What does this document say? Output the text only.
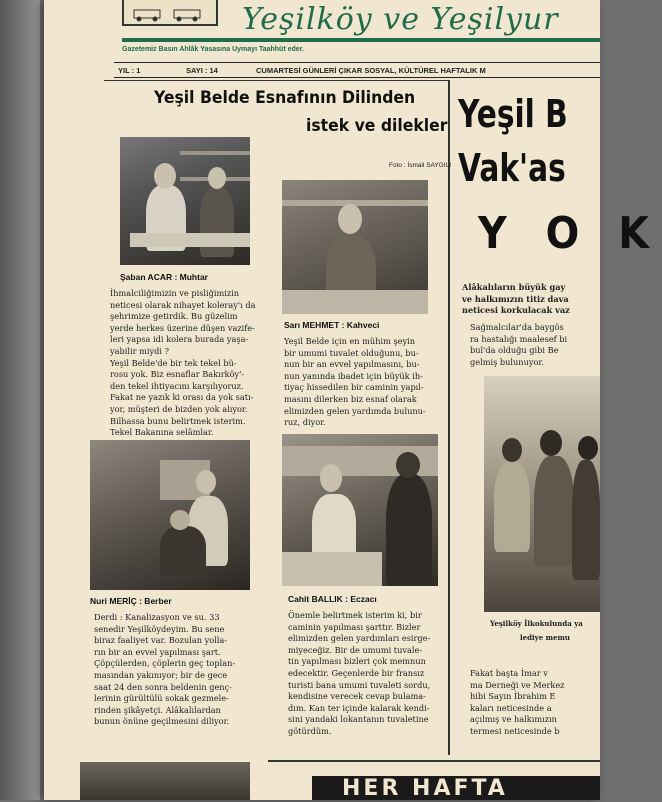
Yeşilköy ve Yeşilyur
Gazetemiz Basın Ahlâk Yasasına Uymayı Taahhüt eder.
YIL : 1	SAYI : 14	CUMARTESİ GÜNLERİ ÇIKAR SOSYAL, KÜLTÜREL HAFTALIK M
Yeşil Belde Esnafının Dilinden
istek ve dilekler
Foto : İsmail SAYGILI
Şaban ACAR : Muhtar
İhmalciliğimizin ve pisliğimizin
neticesi olarak nihayet koleray'ı da
şehrimize getirdik. Bu güzelim
yerde herkes üzerine düşen vazife-
leri yapsa idi kolera burada yaşa-
yabilir miydi ?
Yeşil Belde'de bir tek tekel bü-
rosu yok. Biz esnaflar Bakırköy'-
den tekel ihtiyacını karşılıyoruz.
Fakat ne yazık ki orası da yok satı-
yor, müşteri de bizden yok alıyor.
Bilhassa bunu belirtmek isterim.
Tekel Bakanına selâmlar.
Sarı MEHMET : Kahveci
Yeşil Belde için en mühim şeyin
bir umumi tuvalet olduğunu, bu-
nun bir an evvel yapılmasını, bu-
nun yanında ibadet için büyük ih-
tiyaç hissedilen bir caminin yapıl-
masını dilerken biz esnaf olarak
elimizden gelen yardımda bulunu-
ruz, diyor.
Nuri MERİÇ : Berber
Derdi : Kanalizasyon ve su. 33
senedir Yeşilköydeyim. Bu sene
biraz faaliyet var. Bozulan yolla-
rın bir an evvel yapılması şart.
Çöpçülerden, çöplerin geç toplan-
masından yakınıyor; bir de gece
saat 24 den sonra beldenin genç-
lerinin gürültülü sokak gezmele-
rinden şikâyetçi. Alâkalılardan
bunun önüne geçilmesini diliyor.
Cahit BALLIK : Eczacı
Önemle belirtmek isterim ki, bir
caminin yapılması şarttır. Bizler
elimizden gelen yardımları esirge-
miyeceğiz. Bir de umumi tuvale-
tin yapılması bizleri çok memnun
edecektir. Geçenlerde bir fransız
turisti bana umumi tuvaleti sordu,
kendisine verecek cevap bulama-
dım. Kan ter içinde kalarak kendi-
sini yandaki lokantanın tuvaletine
götürdüm.
Yeşil B
Vak'as
Y O K
Alâkalıların büyük gay
ve halkımızın titiz dava
neticesi korkulacak vaz
Sağmalcılar'da baygös
ra hastalığı maalesef bi
bul'da olduğu gibi Be
gelmiş bulunuyor.
Yeşilköy İlkokulunda ya
lediye memu
Fakat başta İmar v
ma Derneği ve Merkez
hibi Sayın İbrahim E
kaları neticesinde a
açılmış ve halkımızın
termesi neticesinde b
HER HAFTA
